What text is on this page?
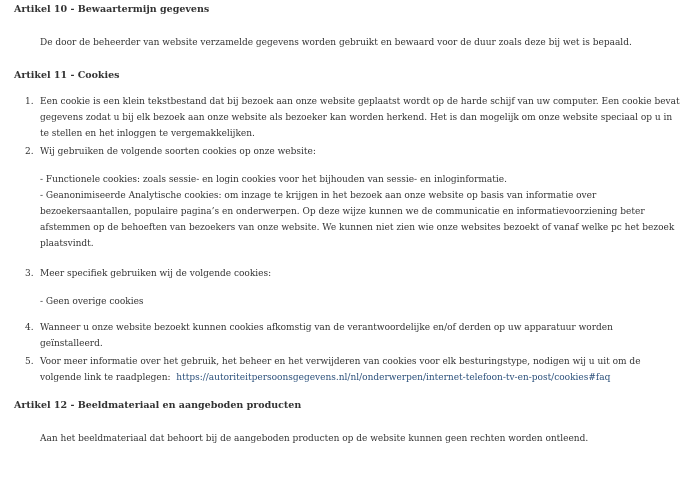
Artikel 10 - Bewaartermijn gegevens

De door de beheerder van website verzamelde gegevens worden gebruikt en bewaard voor de duur zoals deze bij wet is bepaald.

Artikel 11 - Cookies
1. Een cookie is een klein tekstbestand dat bij bezoek aan onze website geplaatst wordt op de harde schijf van uw computer. Een cookie bevat
gegevens zodat u bij elk bezoek aan onze website als bezoeker kan worden herkend. Het is dan mogelijk om onze website speciaal op u in
te stellen en het inloggen te vergemakkelijken.
2. Wij gebruiken de volgende soorten cookies op onze website:
- Functionele cookies: zoals sessie- en login cookies voor het bijhouden van sessie- en inloginformatie.
- Geanonimiseerde Analytische cookies: om inzage te krijgen in het bezoek aan onze website op basis van informatie over
bezoekersaantallen, populaire pagina’s en onderwerpen. Op deze wijze kunnen we de communicatie en informatievoorziening beter
afstemmen op de behoeften van bezoekers van onze website. We kunnen niet zien wie onze websites bezoekt of vanaf welke pc het bezoek
plaatsvindt.
3. Meer specifiek gebruiken wij de volgende cookies:
- Geen overige cookies
4. Wanneer u onze website bezoekt kunnen cookies afkomstig van de verantwoordelijke en/of derden op uw apparatuur worden
geïnstalleerd.
5. Voor meer informatie over het gebruik, het beheer en het verwijderen van cookies voor elk besturingstype, nodigen wij u uit om de
volgende link te raadplegen: https://autoriteitpersoonsgegevens.nl/nl/onderwerpen/internet-telefoon-tv-en-post/cookies#faq
Artikel 12 - Beeldmateriaal en aangeboden producten

Aan het beeldmateriaal dat behoort bij de aangeboden producten op de website kunnen geen rechten worden ontleend.
